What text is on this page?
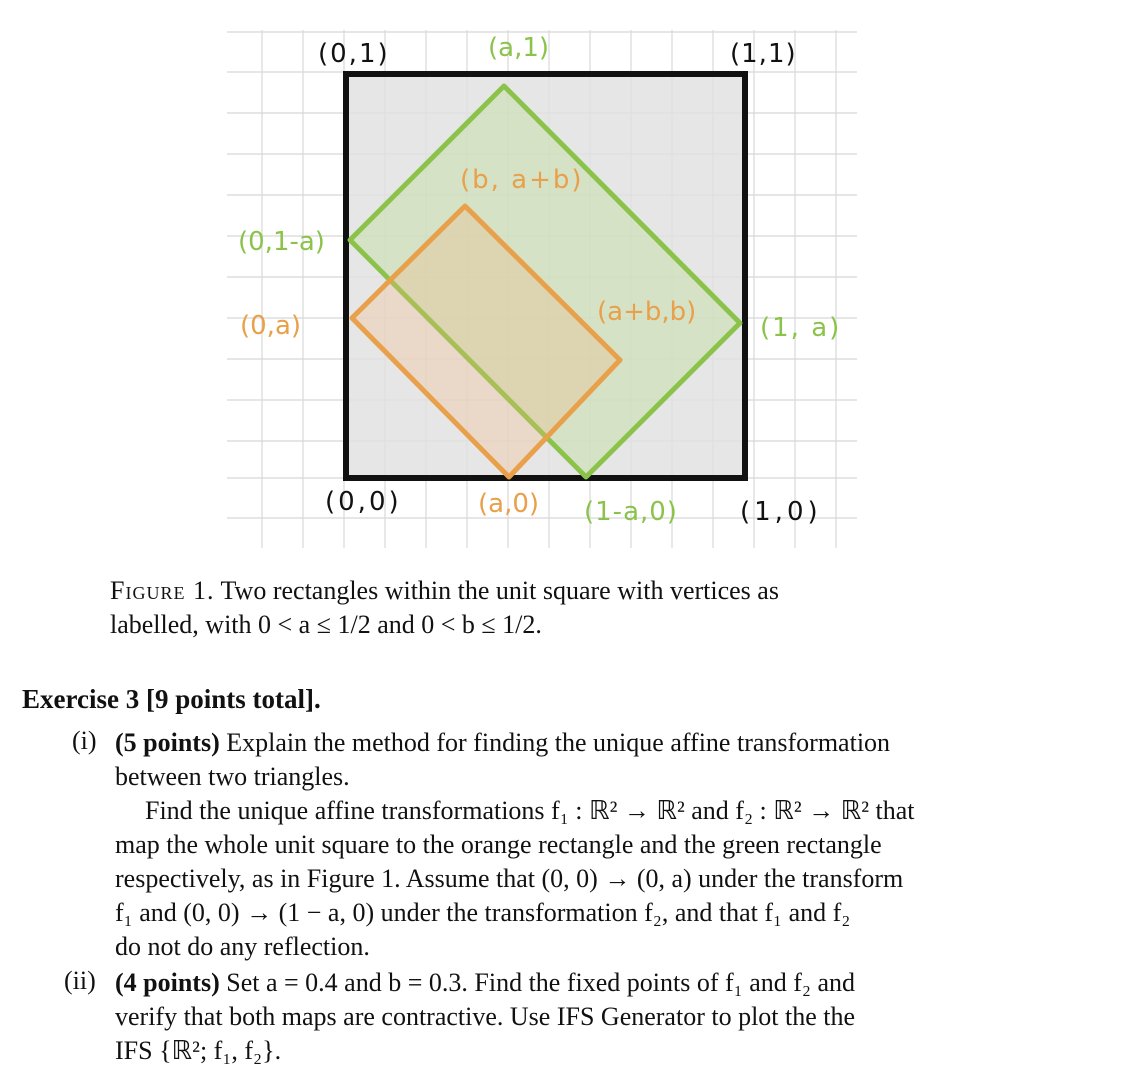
(0,1)	(a,1)	(1,1)
(0,1-a)
(b, a+b)
(0,a)	(a+b,b)
(1, a)
(0,0)	(a,0) (1-a,0) (1,0)
Figure 1. Two rectangles within the unit square with vertices as
labelled, with 0 < a ≤ 1/2 and 0 < b ≤ 1/2.
Exercise 3 [9 points total].
(i) (5 points) Explain the method for finding the unique affine transformation
between two triangles.
Find the unique affine transformations f₁ : ℝ² → ℝ² and f₂ : ℝ² → ℝ² that
map the whole unit square to the orange rectangle and the green rectangle
respectively, as in Figure 1. Assume that (0, 0) → (0, a) under the transform
f₁ and (0, 0) → (1 − a, 0) under the transformation f₂, and that f₁ and f₂
do not do any reflection.
(ii) (4 points) Set a = 0.4 and b = 0.3. Find the fixed points of f₁ and f₂ and
verify that both maps are contractive. Use IFS Generator to plot the the
IFS {ℝ²; f₁, f₂}.
